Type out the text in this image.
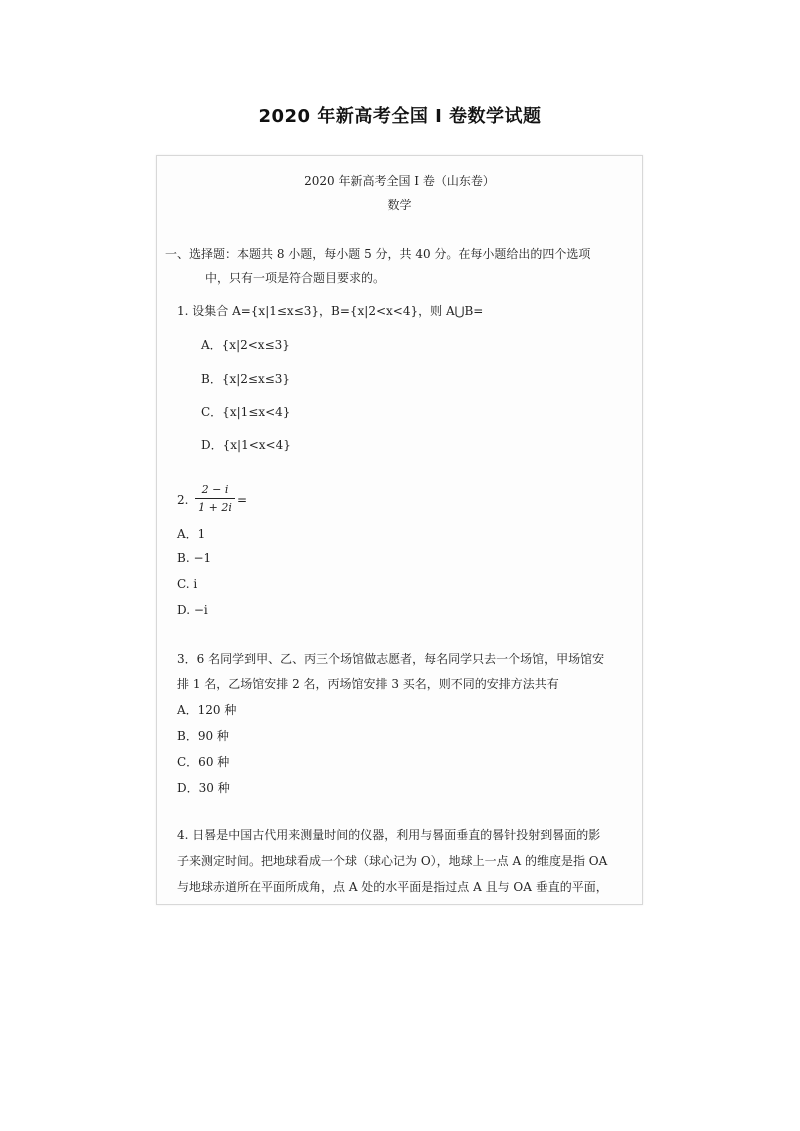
2020 年新高考全国 I 卷数学试题
2020 年新高考全国 I 卷（山东卷）
数学
一、选择题：本题共 8 小题，每小题 5 分，共 40 分。在每小题给出的四个选项
中，只有一项是符合题目要求的。
1. 设集合 A={x|1≤x≤3}，B={x|2<x<4}，则 A⋃B=
A．{x|2<x≤3}
B．{x|2≤x≤3}
C．{x|1≤x<4}
D．{x|1<x<4}
2.
2 − i
1 + 2i
=
A．1
B. −1
C. i
D. −i
3．6 名同学到甲、乙、丙三个场馆做志愿者，每名同学只去一个场馆，甲场馆安
排 1 名，乙场馆安排 2 名，丙场馆安排 3 买名，则不同的安排方法共有
A．120 种
B．90 种
C．60 种
D．30 种
4. 日晷是中国古代用来测量时间的仪器，利用与晷面垂直的晷针投射到晷面的影
子来测定时间。把地球看成一个球（球心记为 O），地球上一点 A 的维度是指 OA
与地球赤道所在平面所成角，点 A 处的水平面是指过点 A 且与 OA 垂直的平面，
